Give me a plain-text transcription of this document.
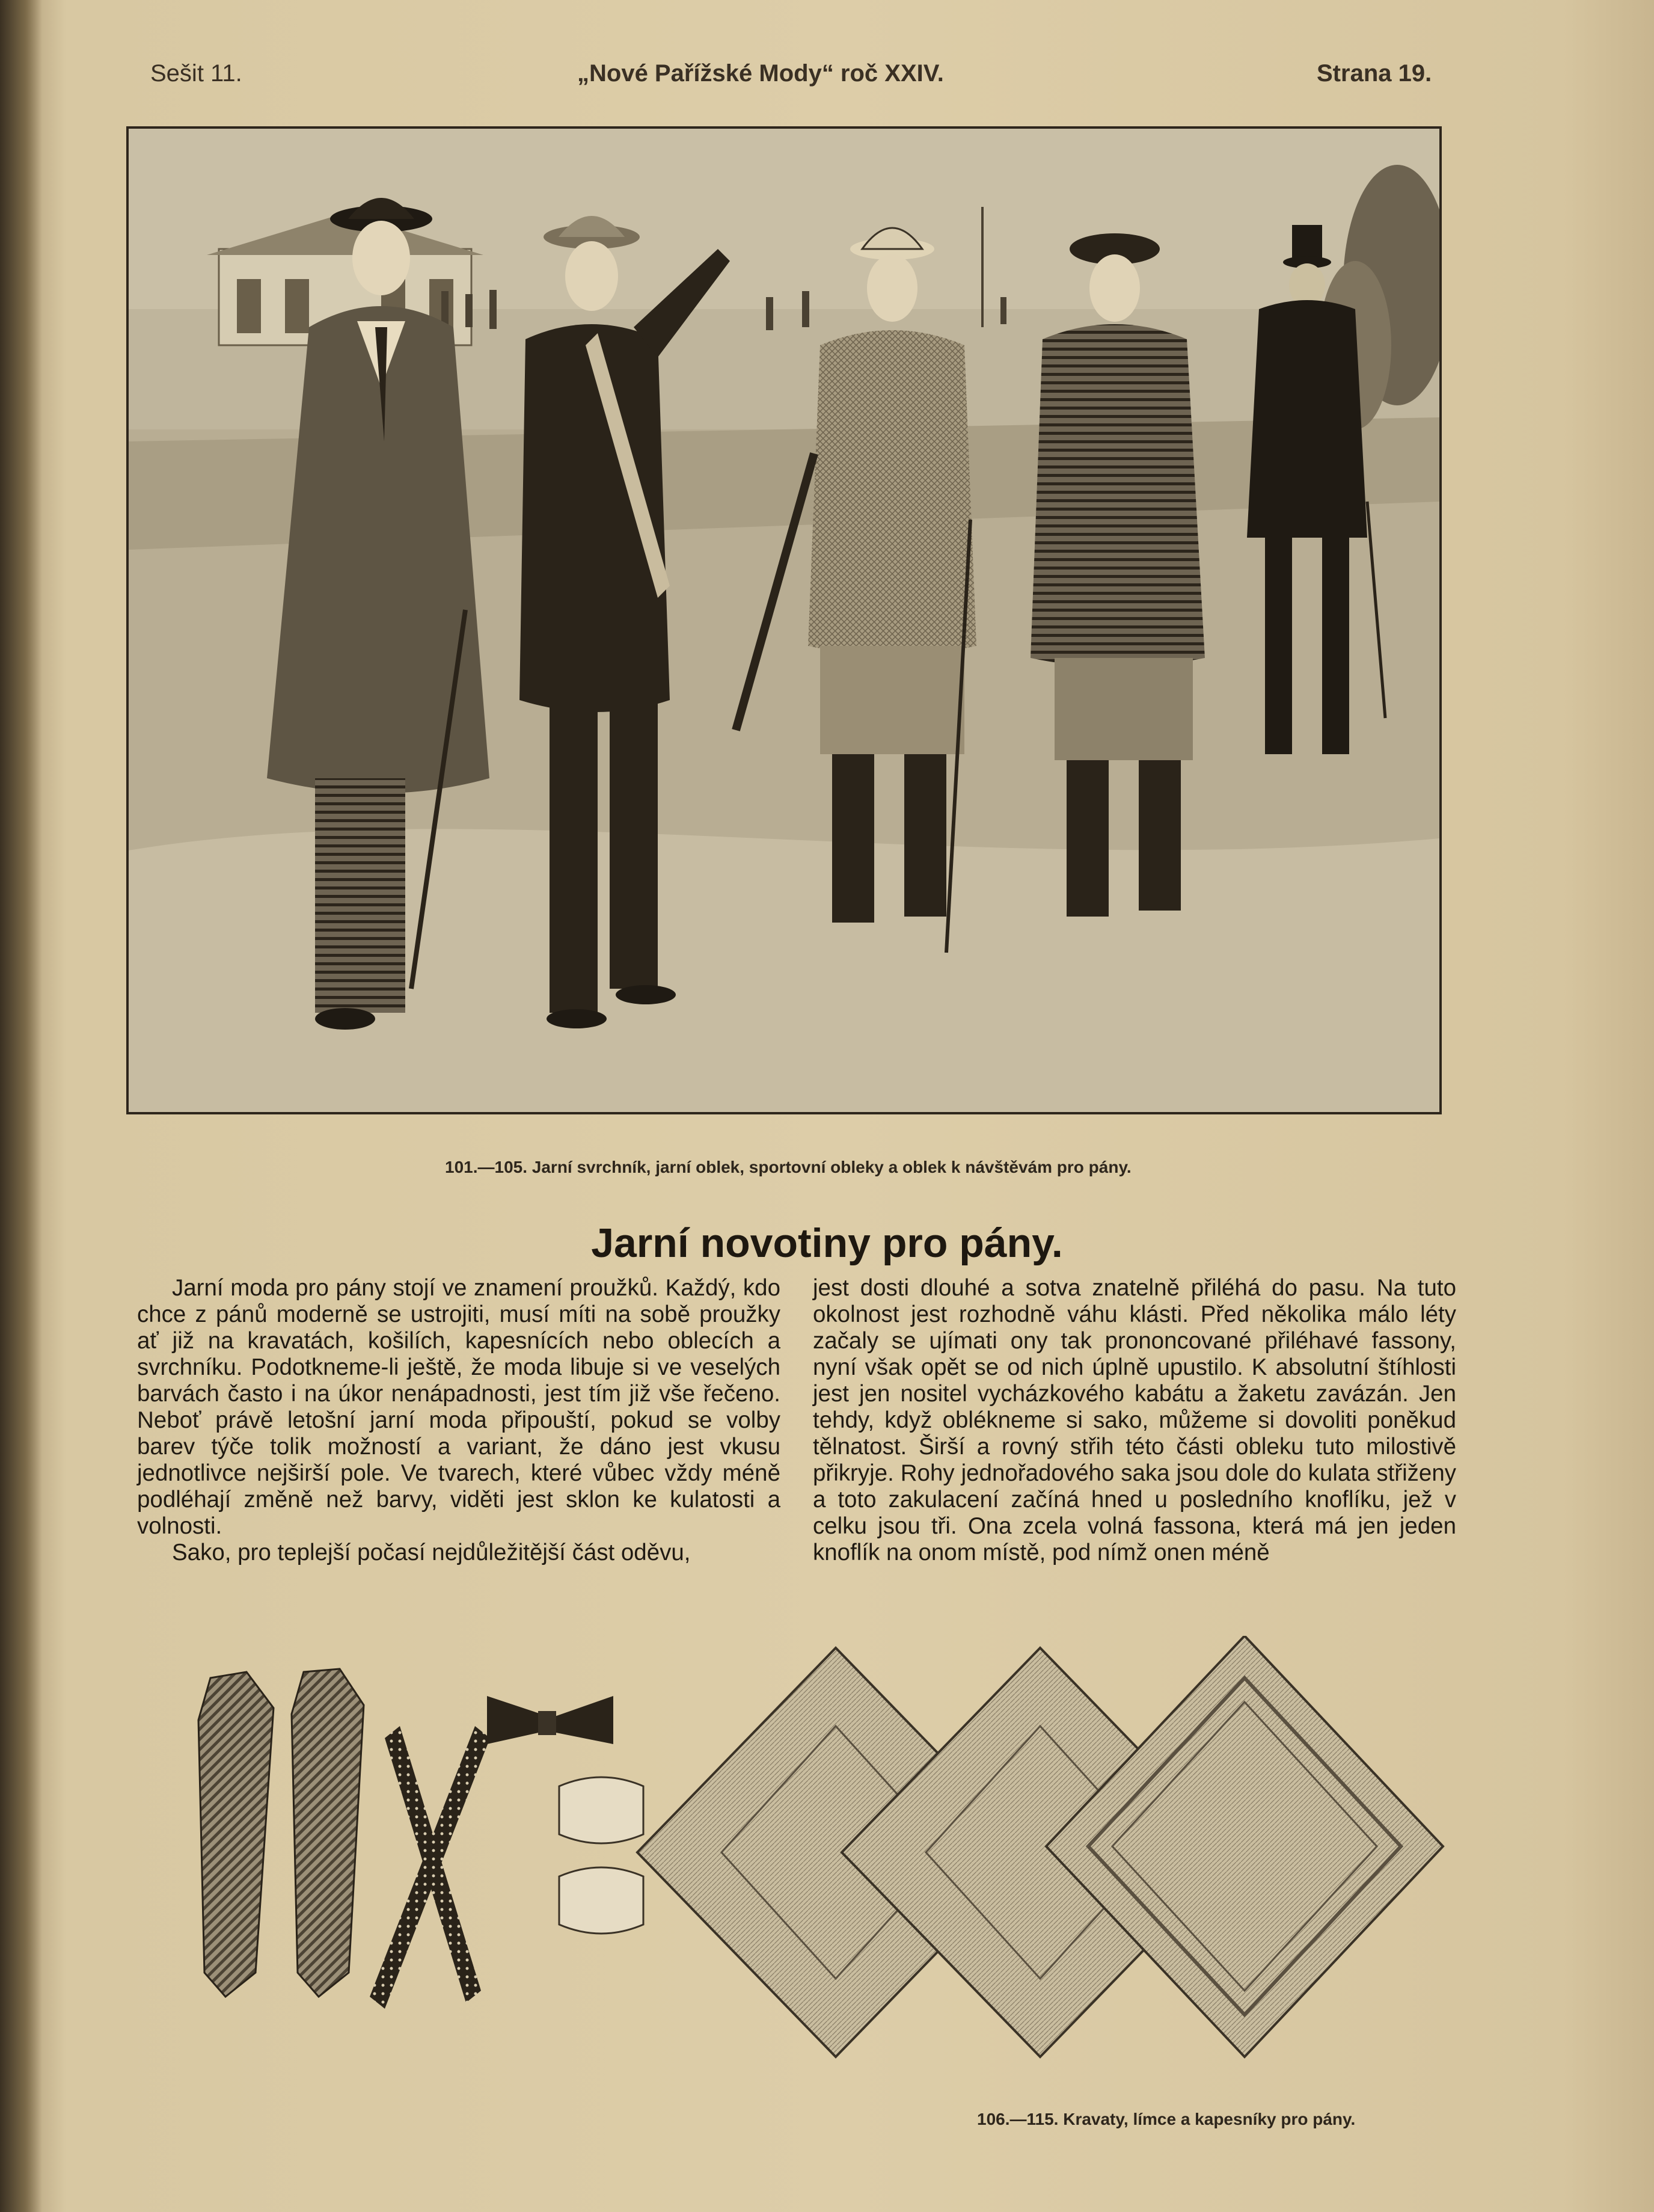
Sešit 11.	„Nové Pařížské Mody“ roč XXIV.	Strana 19.
101.—105. Jarní svrchník, jarní oblek, sportovní obleky a oblek k návštěvám pro pány.
Jarní novotiny pro pány.

Jarní moda pro pány stojí ve znamení proužků. Každý, kdo chce z pánů moderně se ustrojiti, musí míti na sobě proužky ať již na kravatách, košilích, kapesnících nebo oblecích a svrchníku. Podotkneme-li ještě, že moda libuje si ve veselých barvách často i na úkor nenápadnosti, jest tím již vše řečeno. Neboť právě letošní jarní moda připouští, pokud se volby barev týče tolik možností a variant, že dáno jest vkusu jednotlivce nejširší pole. Ve tvarech, které vůbec vždy méně podléhají změně než barvy, viděti jest sklon ke kulatosti a volnosti.

Sako, pro teplejší počasí nejdůležitější část oděvu,

jest dosti dlouhé a sotva znatelně přiléhá do pasu. Na tuto okolnost jest rozhodně váhu klásti. Před několika málo léty začaly se ujímati ony tak prononcované přiléhavé fassony, nyní však opět se od nich úplně upustilo. K absolutní štíhlosti jest jen nositel vycházkového kabátu a žaketu zavázán. Jen tehdy, když oblékneme si sako, můžeme si dovoliti poněkud tělnatost. Širší a rovný střih této části obleku tuto milostivě přikryje. Rohy jednořadového saka jsou dole do kulata střiženy a toto zakulacení začíná hned u posledního knoflíku, jež v celku jsou tři. Ona zcela volná fassona, která má jen jeden knoflík na onom místě, pod nímž onen méně

106.—115. Kravaty, límce a kapesníky pro pány.
